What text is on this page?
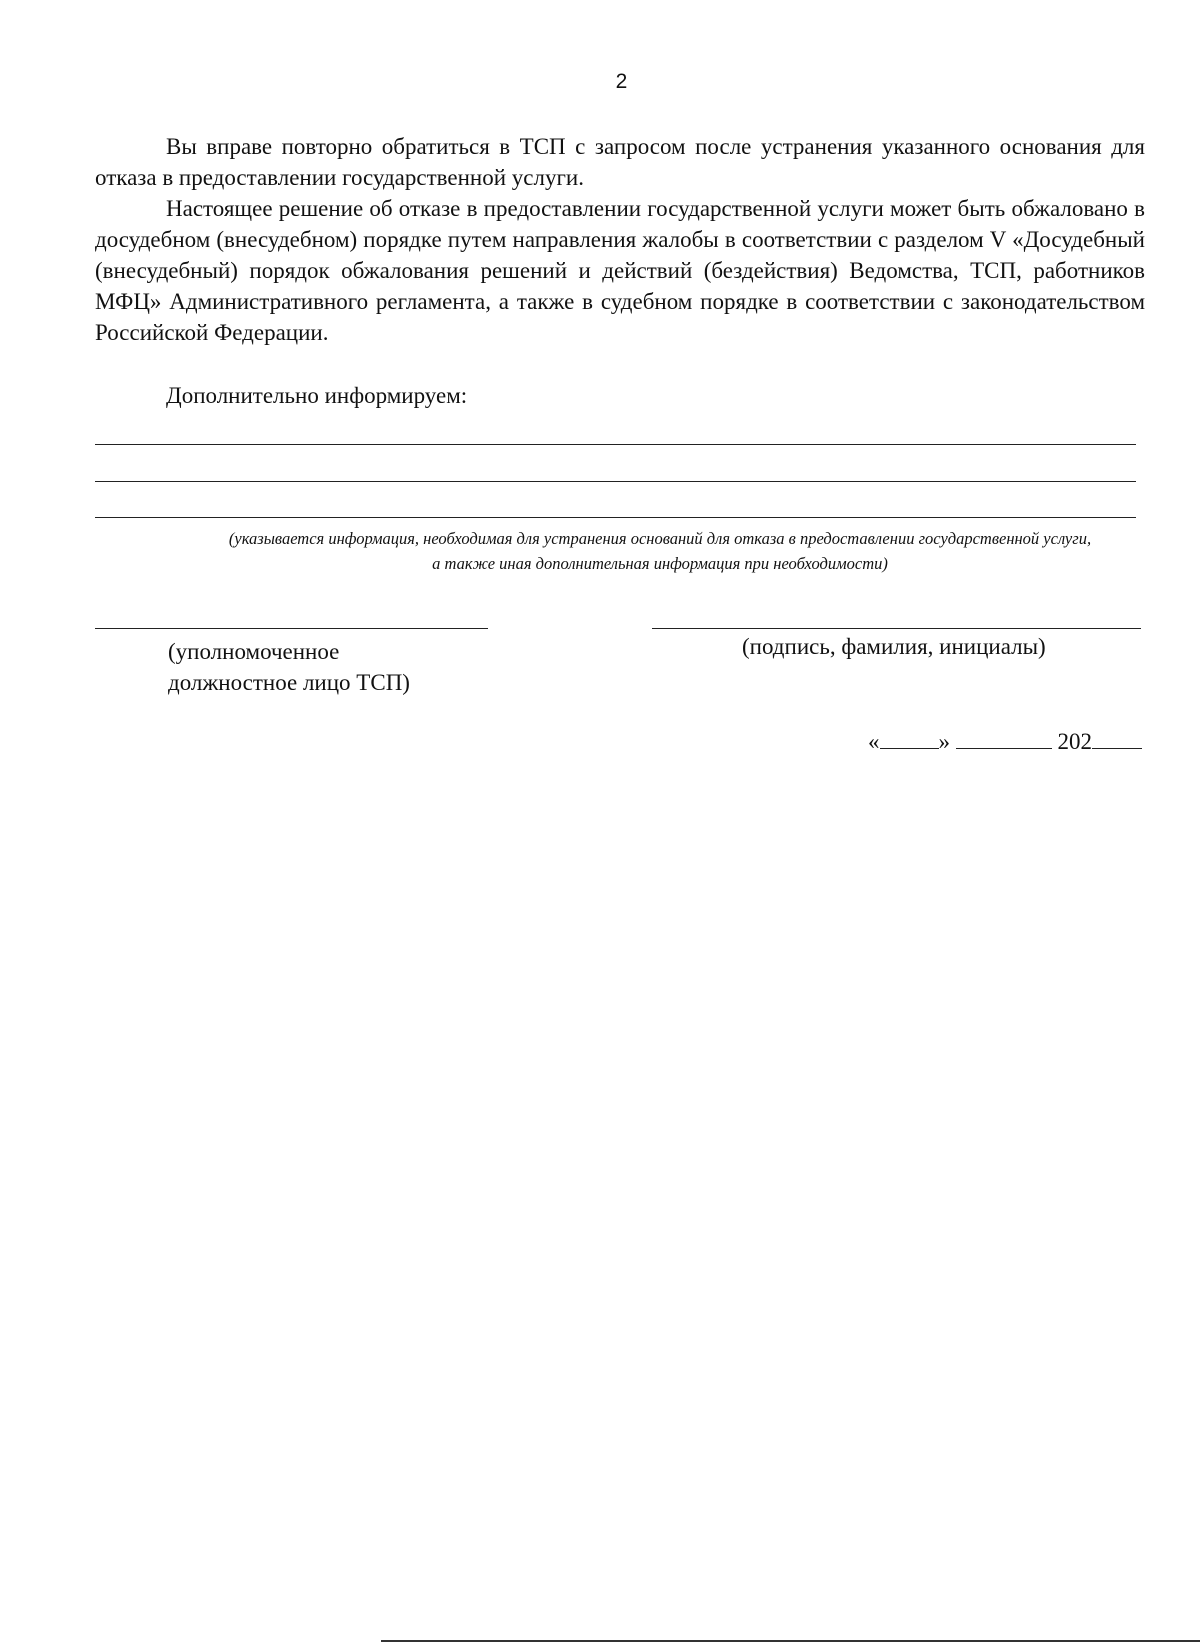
2

Вы вправе повторно обратиться в ТСП с запросом после устранения указанного основания для отказа в предоставлении государственной услуги.

Настоящее решение об отказе в предоставлении государственной услуги может быть обжаловано в досудебном (внесудебном) порядке путем направления жалобы в соответствии с разделом V «Досудебный (внесудебный) порядок обжалования решений и действий (бездействия) Ведомства, ТСП, работников МФЦ» Административного регламента, а также в судебном порядке в соответствии с законодательством Российской Федерации.

Дополнительно информируем:
(указывается информация, необходимая для устранения оснований для отказа в предоставлении государственной услуги,
а также иная дополнительная информация при необходимости)
(уполномоченное
должностное лицо ТСП)
(подпись, фамилия, инициалы)
«	»	202
